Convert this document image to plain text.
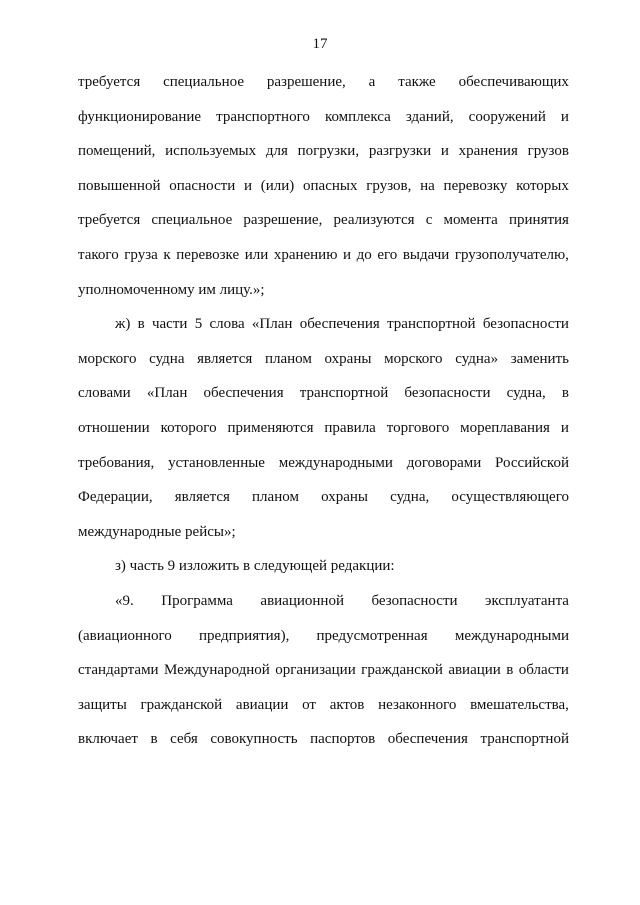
17
требуется специальное разрешение, а также обеспечивающих
функционирование транспортного комплекса зданий, сооружений и
помещений, используемых для погрузки, разгрузки и хранения грузов
повышенной опасности и (или) опасных грузов, на перевозку которых
требуется специальное разрешение, реализуются с момента принятия
такого груза к перевозке или хранению и до его выдачи грузополучателю,
уполномоченному им лицу.»;
ж) в части 5 слова «План обеспечения транспортной безопасности
морского судна является планом охраны морского судна» заменить
словами «План обеспечения транспортной безопасности судна, в
отношении которого применяются правила торгового мореплавания и
требования, установленные международными договорами Российской
Федерации, является планом охраны судна, осуществляющего
международные рейсы»;
з) часть 9 изложить в следующей редакции:
«9. Программа авиационной безопасности эксплуатанта
(авиационного предприятия), предусмотренная международными
стандартами Международной организации гражданской авиации в области
защиты гражданской авиации от актов незаконного вмешательства,
включает в себя совокупность паспортов обеспечения транспортной
